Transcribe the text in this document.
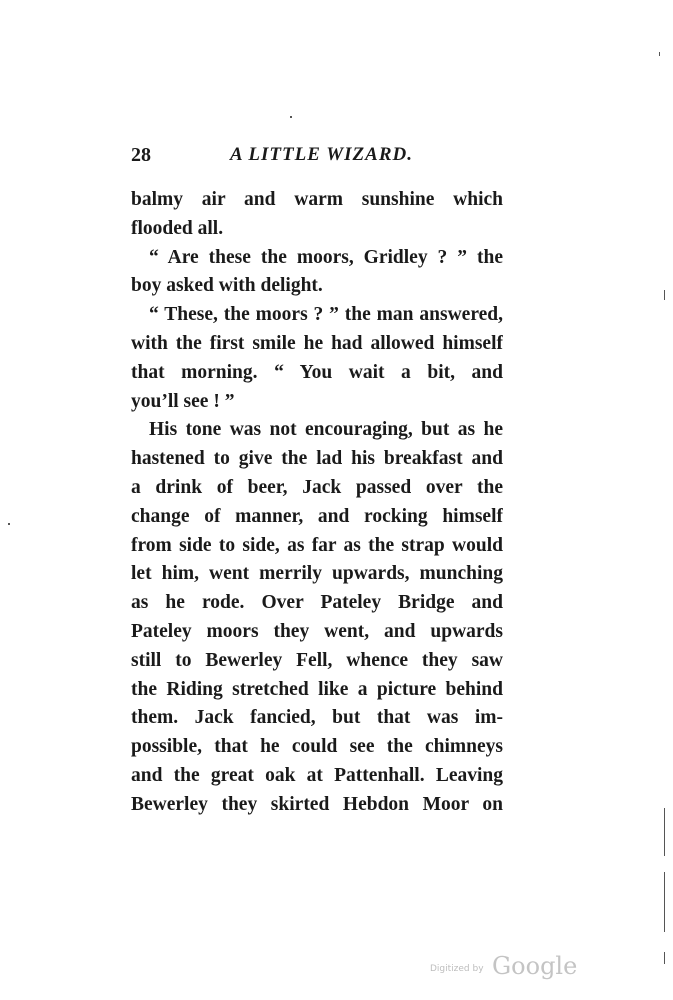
28	A LITTLE WIZARD.
balmy air and warm sunshine which
flooded all.
“ Are these the moors, Gridley ? ” the
boy asked with delight.
“ These, the moors ? ” the man answered,
with the first smile he had allowed himself
that morning. “ You wait a bit, and
you’ll see ! ”
His tone was not encouraging, but as he
hastened to give the lad his breakfast and
a drink of beer, Jack passed over the
change of manner, and rocking himself
from side to side, as far as the strap would
let him, went merrily upwards, munching
as he rode. Over Pateley Bridge and
Pateley moors they went, and upwards
still to Bewerley Fell, whence they saw
the Riding stretched like a picture behind
them. Jack fancied, but that was im-
possible, that he could see the chimneys
and the great oak at Pattenhall. Leaving
Bewerley they skirted Hebdon Moor on
Digitized by Google
